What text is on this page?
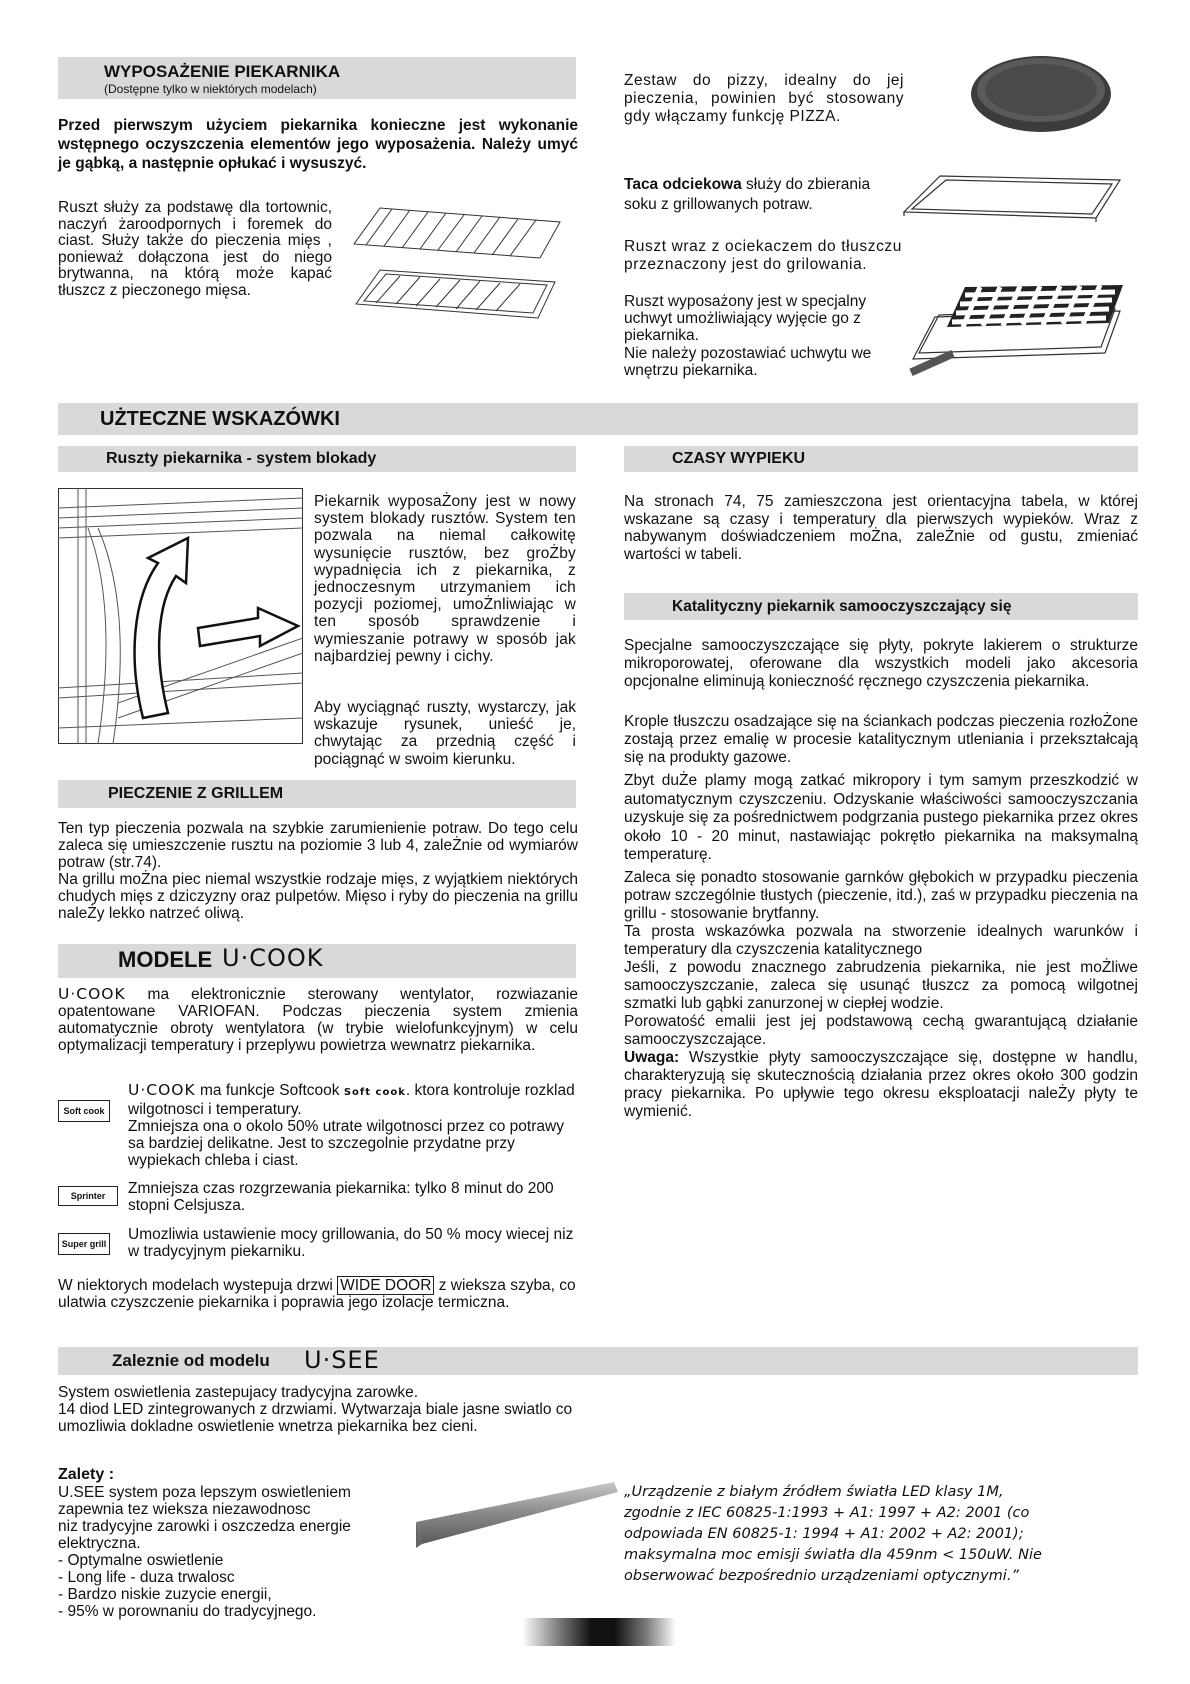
WYPOSAŻENIE PIEKARNIKA
(Dostępne tylko w niektórych modelach)
Przed pierwszym użyciem piekarnika konieczne jest wykonanie wstępnego oczyszczenia elementów jego wyposażenia. Należy umyć je gąbką, a następnie opłukać i wysuszyć.
Ruszt służy za podstawę dla tortownic, naczyń żaroodpornych i foremek do ciast. Służy także do pieczenia mięs , ponieważ dołączona jest do niego brytwanna, na którą może kapać tłuszcz z pieczonego mięsa.
Zestaw do pizzy, idealny do jej pieczenia, powinien być stosowany gdy włączamy funkcję PIZZA.
Taca odciekowa służy do zbierania soku z grillowanych potraw.
Ruszt wraz z ociekaczem do tłuszczu przeznaczony jest do grilowania.
Ruszt wyposażony jest w specjalny uchwyt umożliwiający wyjęcie go z piekarnika.
Nie należy pozostawiać uchwytu we wnętrzu piekarnika.
UŻTECZNE WSKAZÓWKI
Ruszty piekarnika - system blokady
Piekarnik wyposaŻony jest w nowy system blokady rusztów. System ten pozwala na niemal całkowitę wysunięcie rusztów, bez groŻby wypadnięcia ich z piekarnika, z jednoczesnym utrzymaniem ich pozycji poziomej, umoŻnliwiając w ten sposób sprawdzenie i wymieszanie potrawy w sposób jak najbardziej pewny i cichy.
Aby wyciągnąć ruszty, wystarczy, jak wskazuje rysunek, unieść je, chwytając za przednią część i pociągnąć w swoim kierunku.
PIECZENIE Z GRILLEM
Ten typ pieczenia pozwala na szybkie zarumienienie potraw. Do tego celu zaleca się umieszczenie rusztu na poziomie 3 lub 4, zaleŻnie od wymiarów potraw (str.74).
Na grillu moŻna piec niemal wszystkie rodzaje mięs, z wyjątkiem niektórych chudych mięs z dziczyzny oraz pulpetów. Mięso i ryby do pieczenia na grillu naleŻy lekko natrzeć oliwą.
MODELE U·COOK
U·COOK ma elektronicznie sterowany wentylator, rozwiazanie opatentowane VARIOFAN. Podczas pieczenia system zmienia automatycznie obroty wentylatora (w trybie wielofunkcyjnym) w celu optymalizacji temperatury i przeplywu powietrza wewnatrz piekarnika.
Soft cook
U·COOK ma funkcje Softcook Soft cook. ktora kontroluje rozklad wilgotnosci i temperatury.
Zmniejsza ona o okolo 50% utrate wilgotnosci przez co potrawy sa bardziej delikatne. Jest to szczegolnie przydatne przy wypiekach chleba i ciast.
Sprinter	Zmniejsza czas rozgrzewania piekarnika: tylko 8 minut do 200 stopni Celsjusza.
Super grill
Umozliwia ustawienie mocy grillowania, do 50 % mocy wiecej niz w tradycyjnym piekarniku.
W niektorych modelach wystepuja drzwi WIDE DOOR z wieksza szyba, co ulatwia czyszczenie piekarnika i poprawia jego izolacje termiczna.
CZASY WYPIEKU
Na stronach 74, 75 zamieszczona jest orientacyjna tabela, w której wskazane są czasy i temperatury dla pierwszych wypieków. Wraz z nabywanym doświadczeniem moŻna, zaleŻnie od gustu, zmieniać wartości w tabeli.
Katalityczny piekarnik samooczyszczający się
Specjalne samooczyszczające się płyty, pokryte lakierem o strukturze mikroporowatej, oferowane dla wszystkich modeli jako akcesoria opcjonalne eliminują konieczność ręcznego czyszczenia piekarnika.
Krople tłuszczu osadzające się na ściankach podczas pieczenia rozłoŻone zostają przez emalię w procesie katalitycznym utleniania i przekształcają się na produkty gazowe.
Zbyt duŻe plamy mogą zatkać mikropory i tym samym przeszkodzić w automatycznym czyszczeniu. Odzyskanie właściwości samooczyszczania uzyskuje się za pośrednictwem podgrzania pustego piekarnika przez okres około 10 - 20 minut, nastawiając pokrętło piekarnika na maksymalną temperaturę.
Zaleca się ponadto stosowanie garnków głębokich w przypadku pieczenia potraw szczególnie tłustych (pieczenie, itd.), zaś w przypadku pieczenia na grillu - stosowanie brytfanny.
Ta prosta wskazówka pozwala na stworzenie idealnych warunków i temperatury dla czyszczenia katalitycznego
Jeśli, z powodu znacznego zabrudzenia piekarnika, nie jest moŻliwe samooczyszczanie, zaleca się usunąć tłuszcz za pomocą wilgotnej szmatki lub gąbki zanurzonej w ciepłej wodzie.
Porowatość emalii jest jej podstawową cechą gwarantującą działanie samooczyszczające.
Uwaga: Wszystkie płyty samooczyszczające się, dostępne w handlu, charakteryzują się skutecznością działania przez okres około 300 godzin pracy piekarnika. Po upływie tego okresu eksploatacji naleŻy płyty te wymienić.
Zaleznie od modelu U·SEE
System oswietlenia zastepujacy tradycyjna zarowke.
14 diod LED zintegrowanych z drzwiami. Wytwarzaja biale jasne swiatlo co umozliwia dokladne oswietlenie wnetrza piekarnika bez cieni.
Zalety :
U.SEE system poza lepszym oswietleniem zapewnia tez wieksza niezawodnosc
niz tradycyjne zarowki i oszczedza energie elektryczna.
- Optymalne oswietlenie
- Long life - duza trwalosc
- Bardzo niskie zuzycie energii,
- 95% w porownaniu do tradycyjnego.
„Urządzenie z białym źródłem światła LED klasy 1M, zgodnie z IEC 60825-1:1993 + A1: 1997 + A2: 2001 (co odpowiada EN 60825-1: 1994 + A1: 2002 + A2: 2001); maksymalna moc emisji światła dla 459nm < 150uW. Nie obserwować bezpośrednio urządzeniami optycznymi.”
